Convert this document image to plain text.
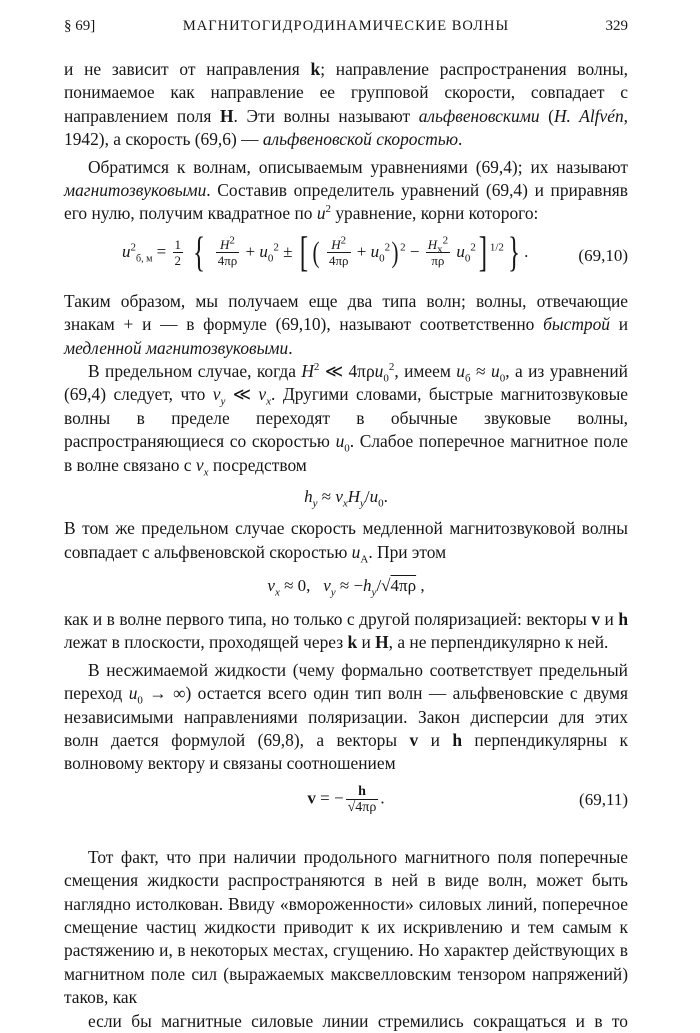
§ 69]	МАГНИТОГИДРОДИНАМИЧЕСКИЕ ВОЛНЫ	329

и не зависит от направления k; направление распространения волны, понимаемое как направление ее групповой скорости, совпадает с направлением поля H. Эти волны называют альфвеновскими (H. Alfvén, 1942), а скорость (69,6) — альфвеновской скоростью.

Обратимся к волнам, описываемым уравнениями (69,4); их называют магнитозвуковыми. Составив определитель уравнений (69,4) и приравняв его нулю, получим квадратное по $u^2$ уравнение, корни которого:

$u^2_{б, м} = \frac{1}{2}$ { $\frac{H^2}{4\pi\rho} + u_0^2$ ± [ ( $\frac{H^2}{4\pi\rho} + u_0^2$) $^2 - \frac{H_x^2}{\pi\rho} u_0^2$] $^{1/2}$} .	(69,10)

Таким образом, мы получаем еще два типа волн; волны, отвечающие знакам + и — в формуле (69,10), называют соответственно быстрой и медленной магнитозвуковыми.

В предельном случае, когда $H^2$ ≪ 4πρu$_0^2$, имеем $u_б \approx u_0$, а из уравнений (69,4) следует, что $v_y$ ≪ $v_x$. Другими словами, быстрые магнитозвуковые волны в пределе переходят в обычные звуковые волны, распространяющиеся со скоростью $u_0$. Слабое поперечное магнитное поле в волне связано с $v_x$ посредством

$h_y \approx v_xH_y/u_0$.

В том же предельном случае скорость медленной магнитозвуковой волны совпадает с альфвеновской скоростью $u_A$. При этом

$v_x \approx 0$,   $v_y \approx -h_y/√4\pi\rho$ ,

как и в волне первого типа, но только с другой поляризацией: векторы v и h лежат в плоскости, проходящей через k и H, а не перпендикулярно к ней.

В несжимаемой жидкости (чему формально соответствует предельный переход $u_0$ → ∞) остается всего один тип волн — альфвеновские с двумя независимыми направлениями поляризации. Закон дисперсии для этих волн дается формулой (69,8), а векторы v и h перпендикулярны к волновому вектору и связаны соотношением

v = − $\frac{h}{√4\pi\rho}$ .	(69,11)

Тот факт, что при наличии продольного магнитного поля поперечные смещения жидкости распространяются в ней в виде волн, может быть наглядно истолкован. Ввиду «вмороженности» силовых линий, поперечное смещение частиц жидкости приводит к их искривлению и тем самым к растяжению и, в некоторых местах, сгущению. Но характер действующих в магнитном поле сил (выражаемых максвелловским тензором напряжений) таков, как
если бы магнитные силовые линии стремились сокращаться и в то
